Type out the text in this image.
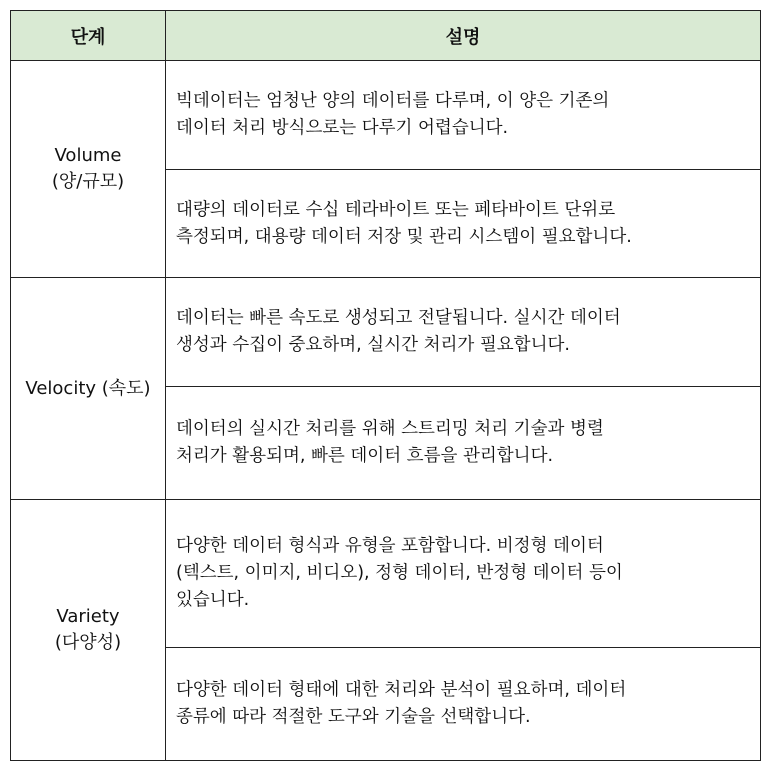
단계	설명
Volume
(양/규모)	빅데이터는 엄청난 양의 데이터를 다루며, 이 양은 기존의
데이터 처리 방식으로는 다루기 어렵습니다.

	대량의 데이터로 수십 테라바이트 또는 페타바이트 단위로
측정되며, 대용량 데이터 저장 및 관리 시스템이 필요합니다.

Velocity (속도)	데이터는 빠른 속도로 생성되고 전달됩니다. 실시간 데이터
생성과 수집이 중요하며, 실시간 처리가 필요합니다.

	데이터의 실시간 처리를 위해 스트리밍 처리 기술과 병렬
처리가 활용되며, 빠른 데이터 흐름을 관리합니다.

Variety
(다양성)	다양한 데이터 형식과 유형을 포함합니다. 비정형 데이터
(텍스트, 이미지, 비디오), 정형 데이터, 반정형 데이터 등이
있습니다.

	다양한 데이터 형태에 대한 처리와 분석이 필요하며, 데이터
종류에 따라 적절한 도구와 기술을 선택합니다.
